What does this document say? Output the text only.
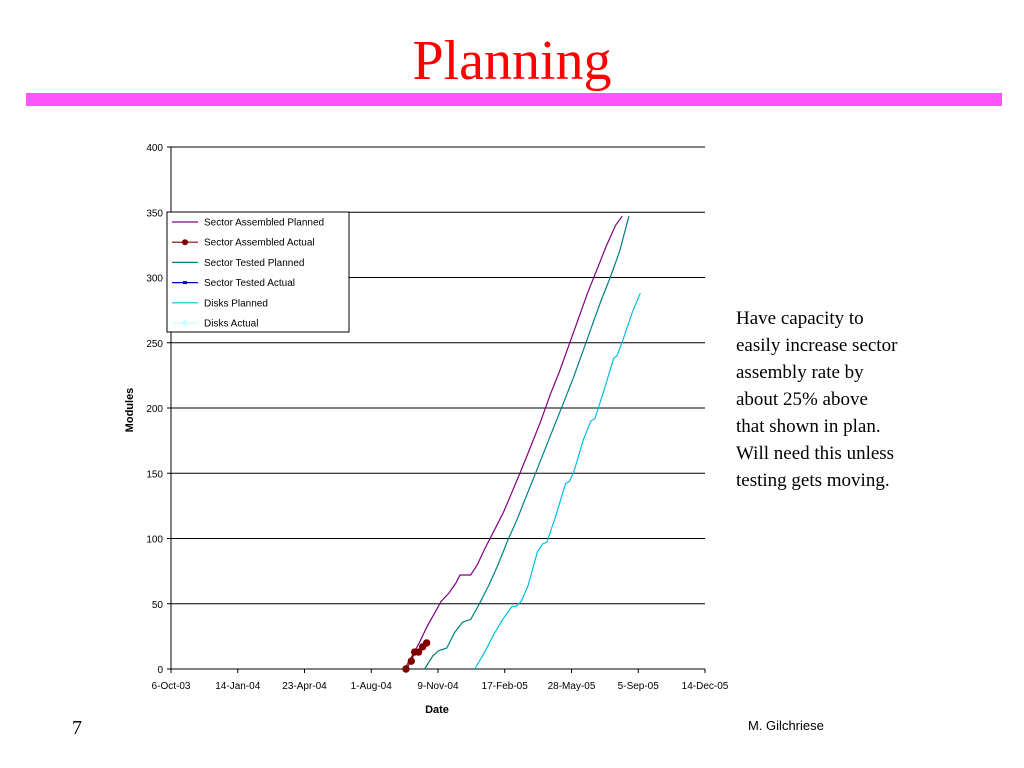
Planning
0
50
100
150
200
250
300
350
400
6-Oct-03 14-Jan-04 23-Apr-04 1-Aug-04	9-Nov-04 17-Feb-05 28-May-05 5-Sep-05 14-Dec-05
Modules
Date
Sector Assembled Planned
Sector Assembled Actual
Sector Tested Planned
Sector Tested Actual
Disks Planned
Disks Actual	Have capacity to
easily increase sector
assembly rate by
about 25% above
that shown in plan.
Will need this unless
testing gets moving.
7	M. Gilchriese
